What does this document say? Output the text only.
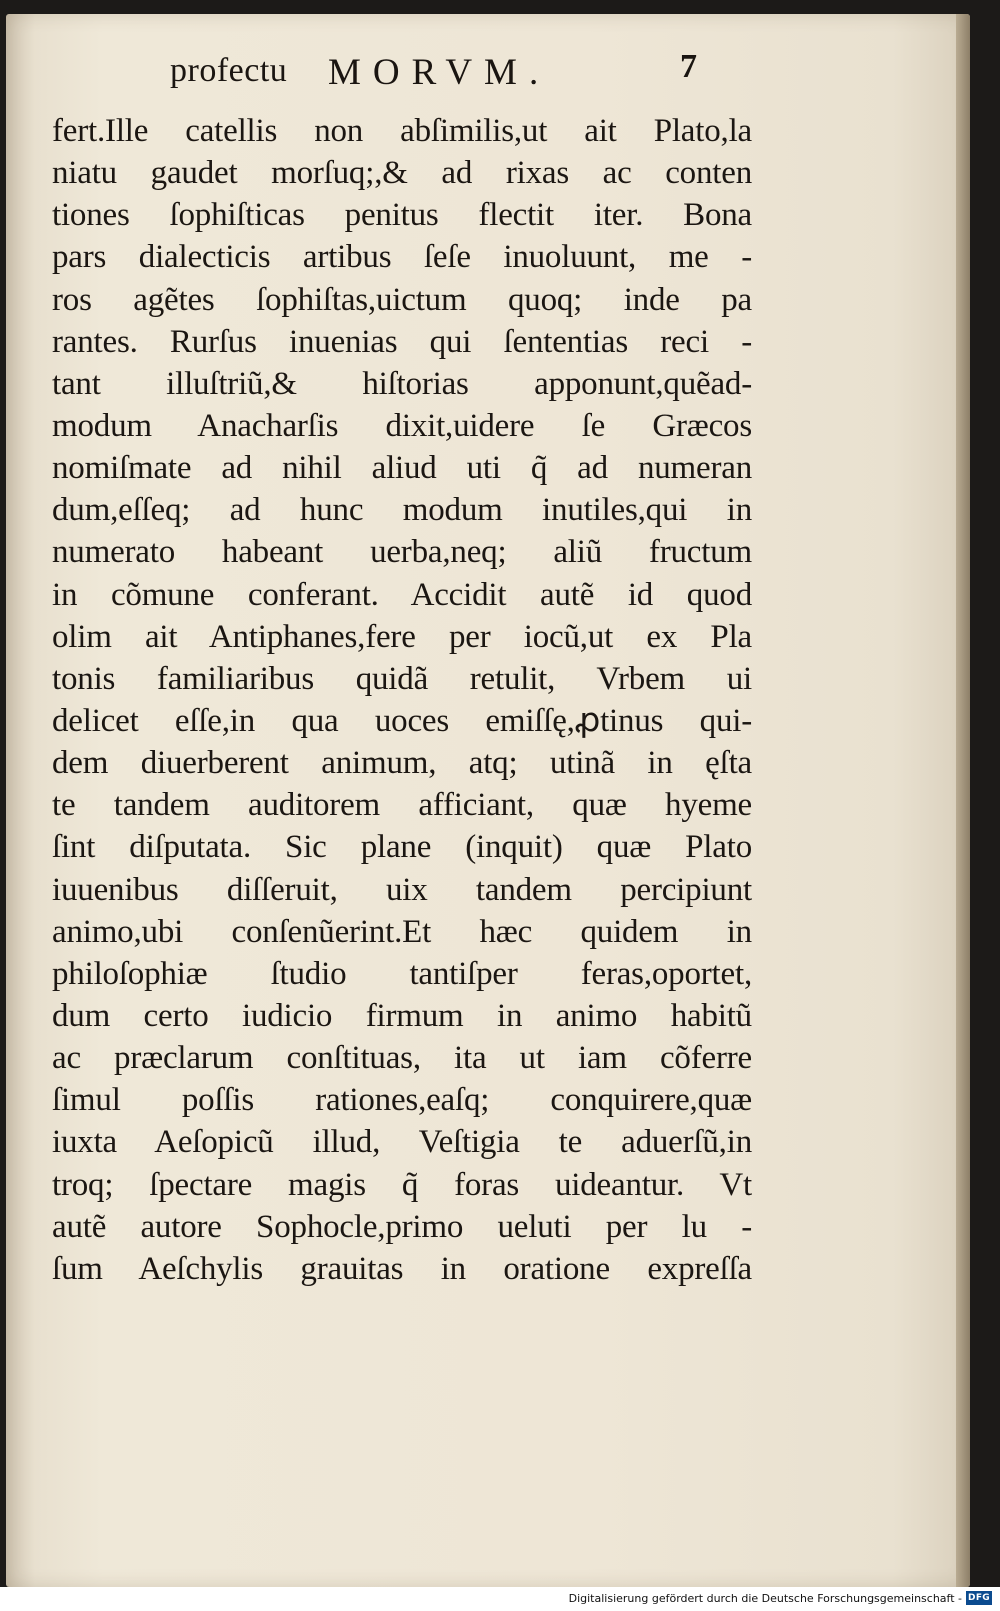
profectu MORVM.	7
fert.Ille catellis non abſimilis,ut ait Plato,la
niatu gaudet morſuq;,& ad rixas ac conten
tiones ſophiſticas penitus flectit iter. Bona
pars dialecticis artibus ſeſe inuoluunt, me -
ros agẽtes ſophiſtas,uictum quoq; inde pa
rantes. Rurſus inuenias qui ſententias reci -
tant illuſtriũ,& hiſtorias apponunt,quẽad-
modum Anacharſis dixit,uidere ſe Græcos
nomiſmate ad nihil aliud uti q̃ ad numeran
dum,eſſeq; ad hunc modum inutiles,qui in
numerato habeant uerba,neq; aliũ fructum
in cõmune conferant. Accidit autẽ id quod
olim ait Antiphanes,fere per iocũ,ut ex Pla
tonis familiaribus quidã retulit, Vrbem ui
delicet eſſe,in qua uoces emiſſę,ꝓtinus qui-
dem diuerberent animum, atq; utinã in ęſta
te tandem auditorem afficiant, quæ hyeme
ſint diſputata. Sic plane (inquit) quæ Plato
iuuenibus diſſeruit, uix tandem percipiunt
animo,ubi conſenũerint.Et hæc quidem in
philoſophiæ ſtudio tantiſper feras,oportet,
dum certo iudicio firmum in animo habitũ
ac præclarum conſtituas, ita ut iam cõferre
ſimul poſſis rationes,eaſq; conquirere,quæ
iuxta Aeſopicũ illud, Veſtigia te aduerſũ,in
troq; ſpectare magis q̃ foras uideantur. Vt
autẽ autore Sophocle,primo ueluti per lu -
ſum Aeſchylis grauitas in oratione expreſſa
Digitalisierung gefördert durch die Deutsche Forschungsgemeinschaft - DFG
